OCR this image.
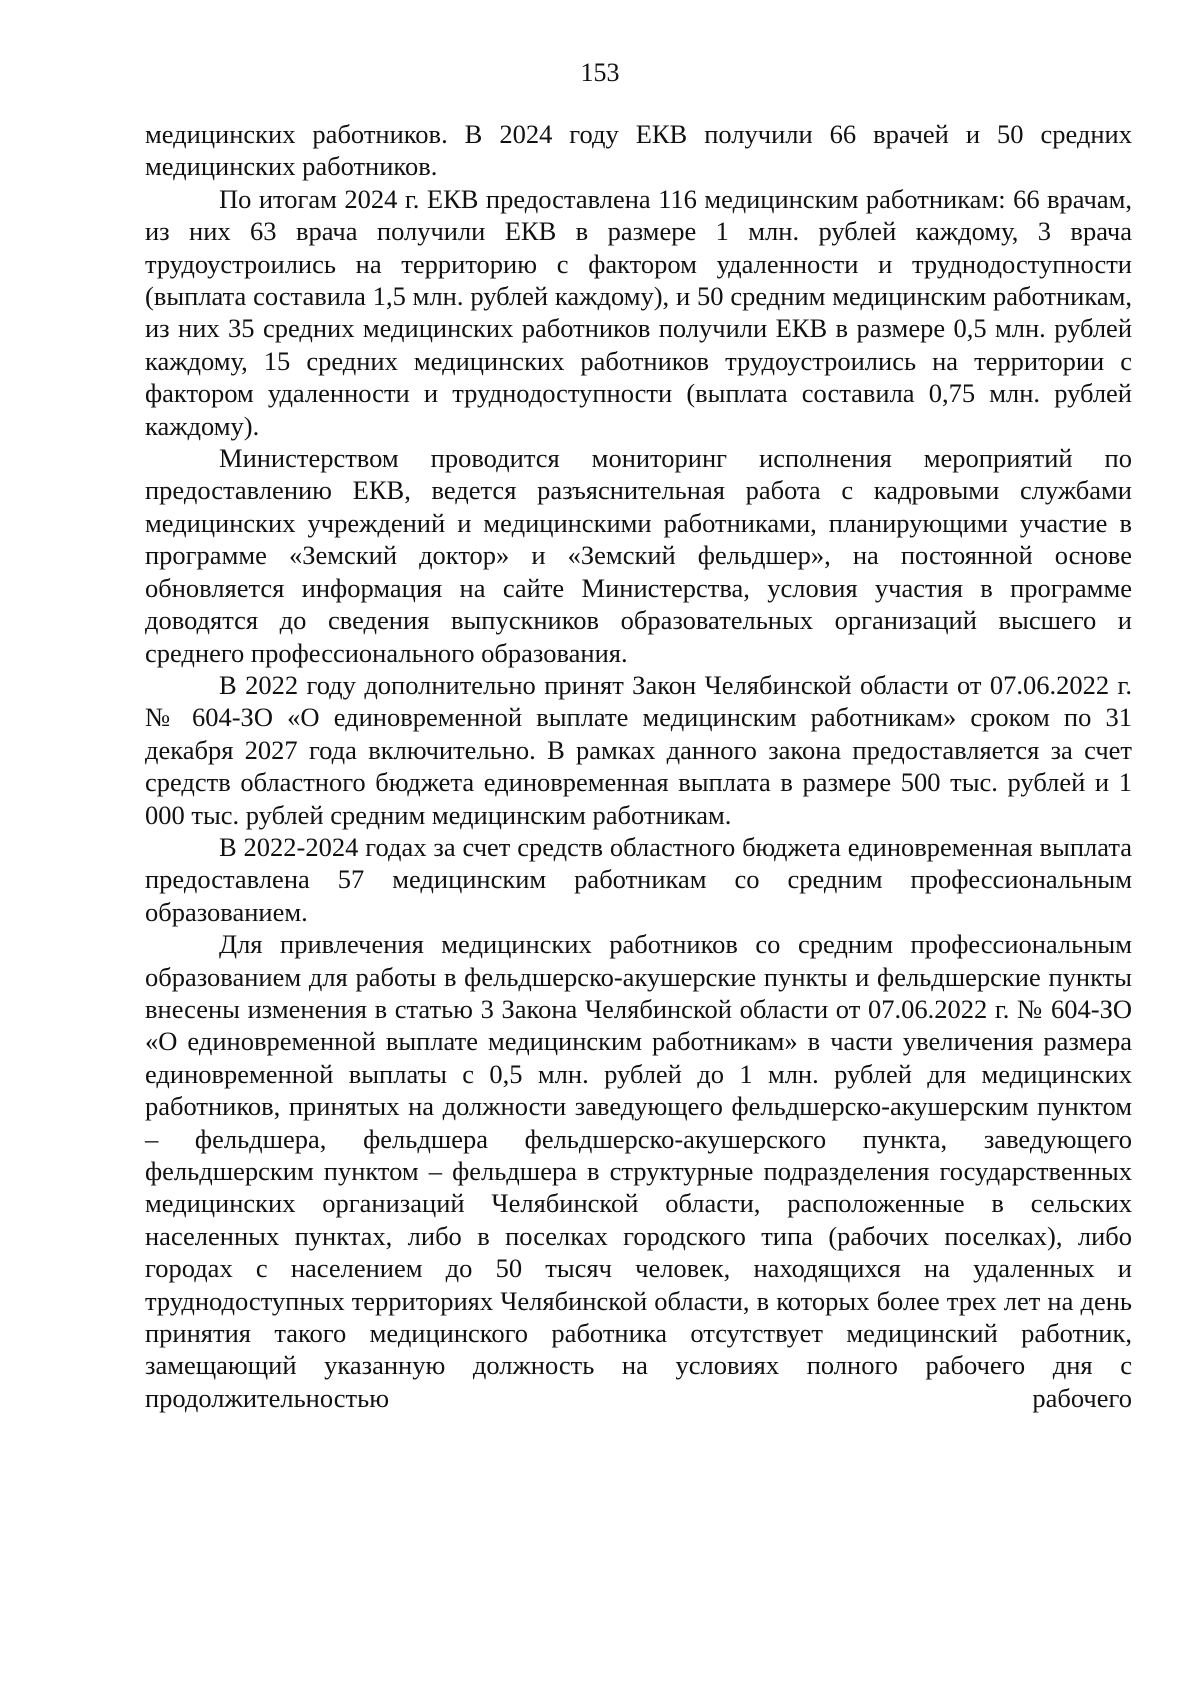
153

медицинских работников. В 2024 году ЕКВ получили 66 врачей и 50 средних медицинских работников.

По итогам 2024 г. ЕКВ предоставлена 116 медицинским работникам: 66 врачам, из них 63 врача получили ЕКВ в размере 1 млн. рублей каждому, 3 врача трудоустроились на территорию с фактором удаленности и труднодоступности (выплата составила 1,5 млн. рублей каждому), и 50 средним медицинским работникам, из них 35 средних медицинских работников получили ЕКВ в размере 0,5 млн. рублей каждому, 15 средних медицинских работников трудоустроились на территории с фактором удаленности и труднодоступности (выплата составила 0,75 млн. рублей каждому).

Министерством проводится мониторинг исполнения мероприятий по предоставлению ЕКВ, ведется разъяснительная работа с кадровыми службами медицинских учреждений и медицинскими работниками, планирующими участие в программе «Земский доктор» и «Земский фельдшер», на постоянной основе обновляется информация на сайте Министерства, условия участия в программе доводятся до сведения выпускников образовательных организаций высшего и среднего профессионального образования.

В 2022 году дополнительно принят Закон Челябинской области от 07.06.2022 г. № 604-ЗО «О единовременной выплате медицинским работникам» сроком по 31 декабря 2027 года включительно. В рамках данного закона предоставляется за счет средств областного бюджета единовременная выплата в размере 500 тыс. рублей и 1 000 тыс. рублей средним медицинским работникам.

В 2022-2024 годах за счет средств областного бюджета единовременная выплата предоставлена 57 медицинским работникам со средним профессиональным образованием.

Для привлечения медицинских работников со средним профессиональным образованием для работы в фельдшерско-акушерские пункты и фельдшерские пункты внесены изменения в статью 3 Закона Челябинской области от 07.06.2022 г. № 604-ЗО «О единовременной выплате медицинским работникам» в части увеличения размера единовременной выплаты с 0,5 млн. рублей до 1 млн. рублей для медицинских работников, принятых на должности заведующего фельдшерско-акушерским пунктом – фельдшера, фельдшера фельдшерско-акушерского пункта, заведующего фельдшерским пунктом – фельдшера в структурные подразделения государственных медицинских организаций Челябинской области, расположенные в сельских населенных пунктах, либо в поселках городского типа (рабочих поселках), либо городах с населением до 50 тысяч человек, находящихся на удаленных и труднодоступных территориях Челябинской области, в которых более трех лет на день принятия такого медицинского работника отсутствует медицинский работник, замещающий указанную должность на условиях полного рабочего дня с продолжительностью рабочего
